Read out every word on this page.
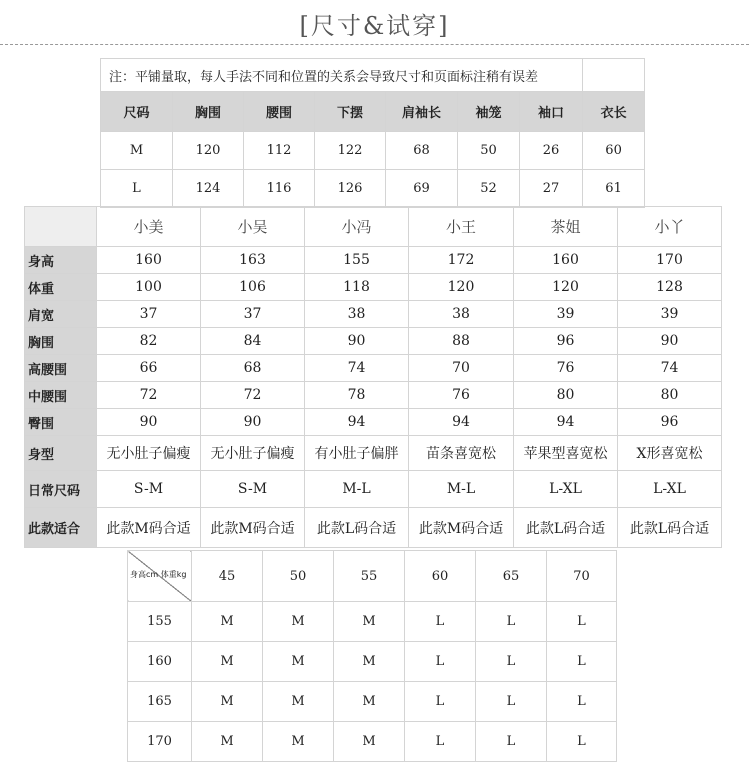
[尺寸&试穿]
注：平铺量取，每人手法不同和位置的关系会导致尺寸和页面标注稍有误差							
尺码	胸围	腰围	下摆	肩袖长	袖笼	袖口	衣长
M	120	112	122	68	50	26	60
L	124	116	126	69	52	27	61
	小美	小吴	小冯	小王	茶姐	小丫
身高	160	163	155	172	160	170
体重	100	106	118	120	120	128
肩宽	37	37	38	38	39	39
胸围	82	84	90	88	96	90
高腰围	66	68	74	70	76	74
中腰围	72	72	78	76	80	80
臀围	90	90	94	94	94	96
身型	无小肚子偏瘦	无小肚子偏瘦	有小肚子偏胖	苗条喜宽松	苹果型喜宽松	X形喜宽松
日常尺码	S-M	S-M	M-L	M-L	L-XL	L-XL
此款适合	此款M码合适	此款M码合适	此款L码合适	此款M码合适	此款L码合适	此款L码合适
身高cm 体重kg	45	50	55	60	65	70
155	M	M	M	L	L	L
160	M	M	M	L	L	L
165	M	M	M	L	L	L
170	M	M	M	L	L	L
